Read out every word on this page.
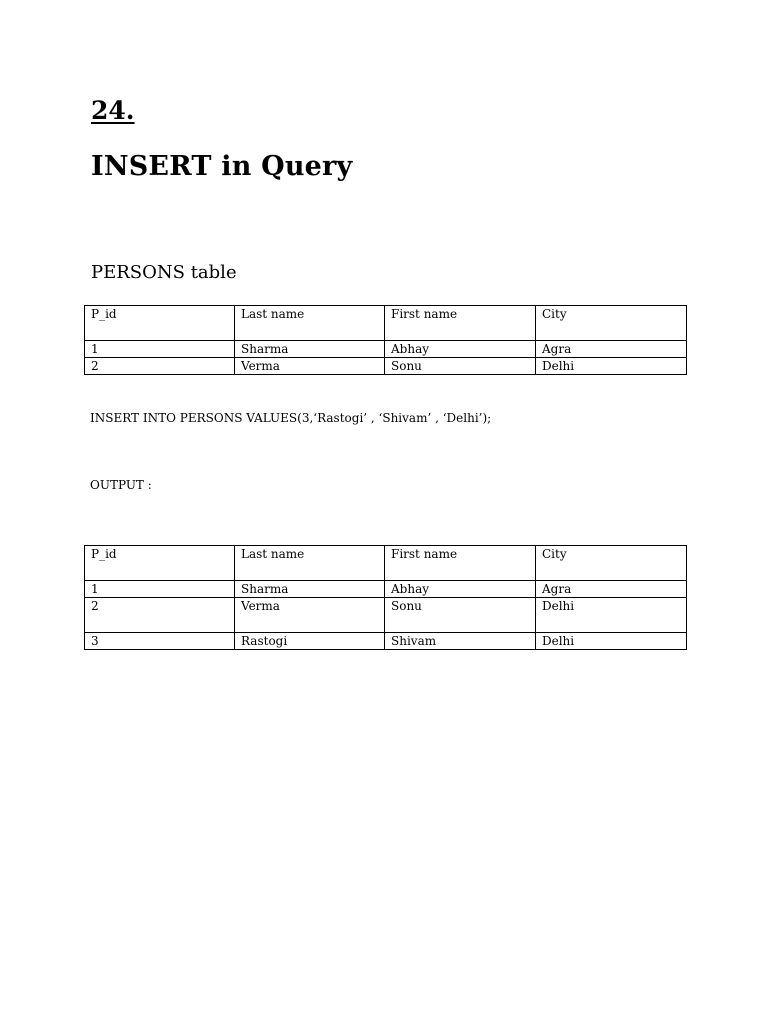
24.
INSERT in Query

PERSONS table

P_id	Last name	First name	City
1	Sharma	Abhay	Agra
2	Verma	Sonu	Delhi

INSERT INTO PERSONS VALUES(3,‘Rastogi’ , ‘Shivam’ , ‘Delhi’);

OUTPUT :

P_id	Last name	First name	City
1	Sharma	Abhay	Agra
2	Verma	Sonu	Delhi
3	Rastogi	Shivam	Delhi
